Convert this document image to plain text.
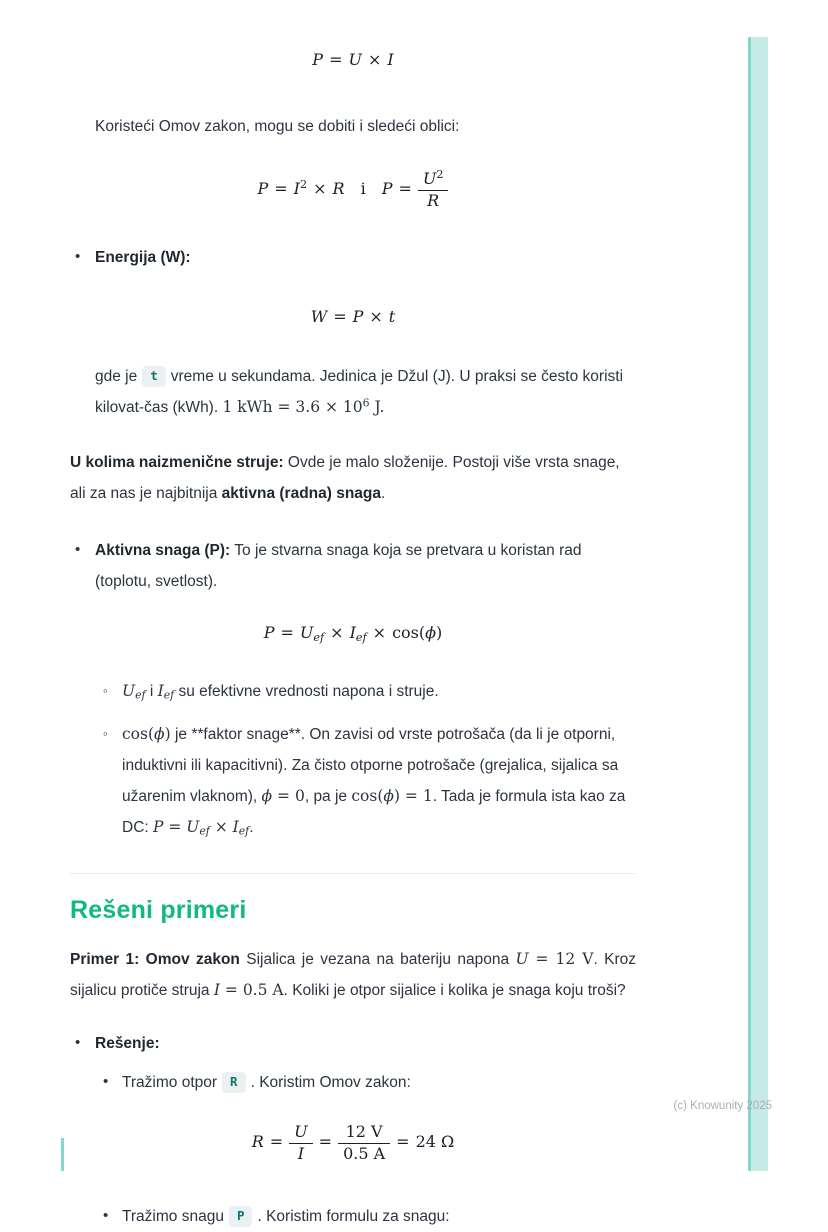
P = U × I

Koristeći Omov zakon, mogu se dobiti i sledeći oblici:

$P = I^2 \times R$ i $P = \frac{U^2}{R}$
• Energija (W):
W = P × t

gde je t vreme u sekundama. Jedinica je Džul (J). U praksi se često koristi kilovat-čas (kWh). 1 kWh = $3.6 \times 10^6$ J.

U kolima naizmenične struje: Ovde je malo složenije. Postoji više vrsta snage, ali za nas je najbitnija aktivna (radna) snaga.

• Aktivna snaga (P): To je stvarna snaga koja se pretvara u koristan rad (toplotu, svetlost).
P = Uef × Ief × cos(ϕ)
◦ Uef i Ief su efektivne vrednosti napona i struje.
◦ cos(ϕ) je **faktor snage**. On zavisi od vrste potrošača (da li je otporni, induktivni ili kapacitivni). Za čisto otporne potrošače (grejalica, sijalica sa užarenim vlaknom), ϕ = 0, pa je cos(ϕ) = 1. Tada je formula ista kao za DC: P = Uef × Ief.
Rešeni primeri

Primer 1: Omov zakon Sijalica je vezana na bateriju napona U = 12 V. Kroz sijalicu protiče struja I = 0.5 A. Koliki je otpor sijalice i kolika je snaga koju troši?

• Rešenje:
• Tražimo otpor R . Koristim Omov zakon:
$R = \frac{U}{I} = \frac{12 V}{0.5 A} = 24$ Ω
• Tražimo snagu P . Koristim formulu za snagu:
(c) Knowunity 2025
